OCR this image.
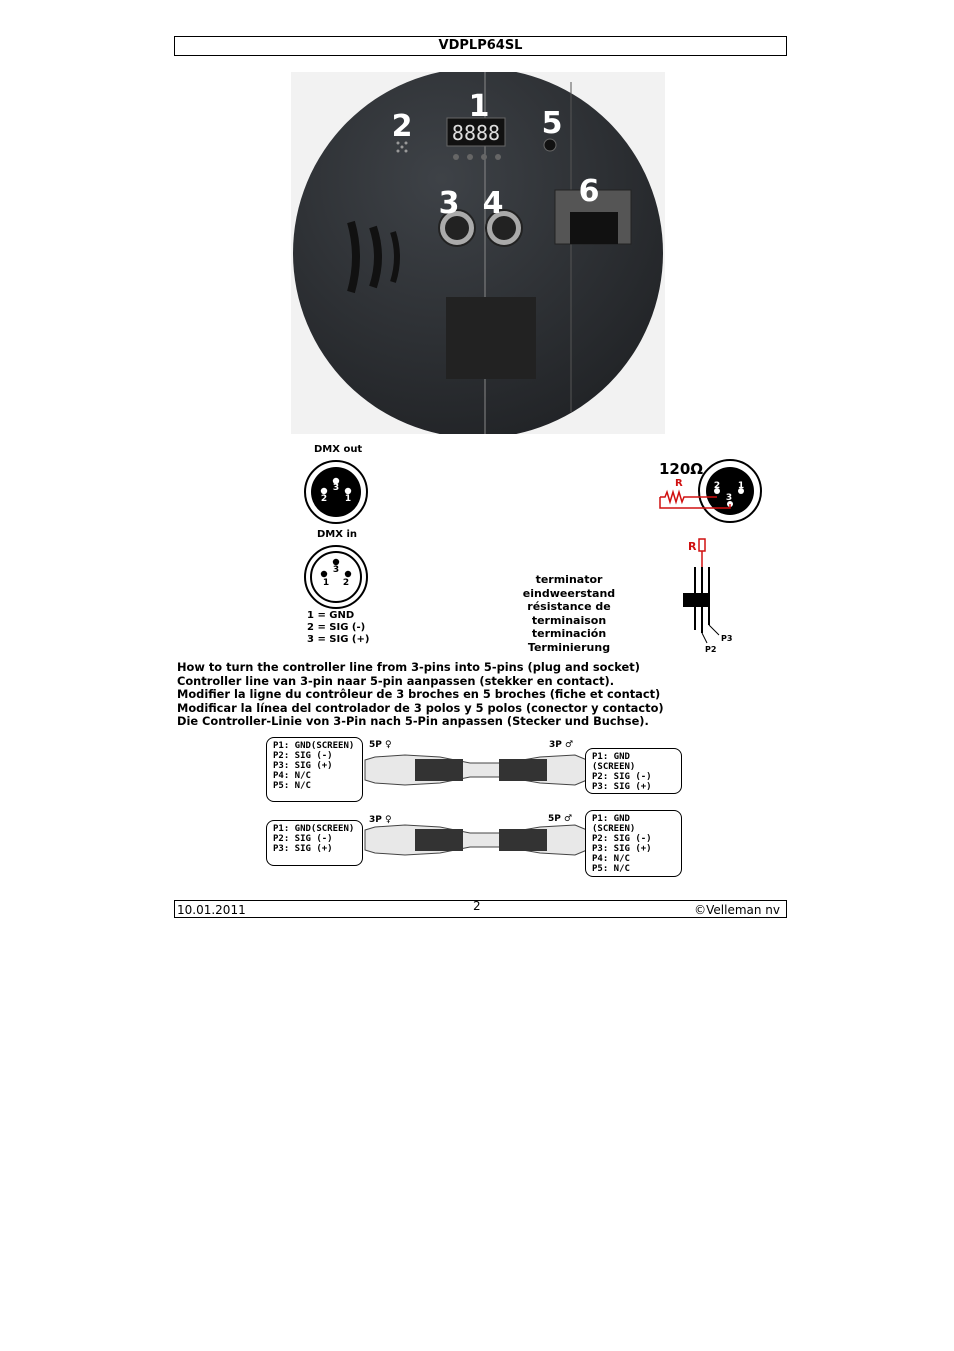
VDPLP64SL
8888
1
2
3 4
5
6
DMX out
3
2 1
DMX in
3
1 2
1 = GND
2 = SIG (-)
3 = SIG (+)
terminator
eindweerstand
résistance de
terminaison
terminación
Terminierung
120Ω
2 1
3
R
R
P3
P2
How to turn the controller line from 3-pins into 5-pins (plug and socket)
Controller line van 3-pin naar 5-pin aanpassen (stekker en contact).
Modifier la ligne du contrôleur de 3 broches en 5 broches (fiche et contact)
Modificar la línea del controlador de 3 polos y 5 polos (conector y contacto)
Die Controller-Linie von 3-Pin nach 5-Pin anpassen (Stecker und Buchse).
5P ♀	3P ♂
3P ♀	5P ♂
P1: GND(SCREEN)
P2: SIG (-)
P3: SIG (+)
P4: N/C
P5: N/C
P1: GND (SCREEN)
P2: SIG (-)
P3: SIG (+)
P1: GND(SCREEN)
P2: SIG (-)
P3: SIG (+)
P1: GND (SCREEN)
P2: SIG (-)
P3: SIG (+)
P4: N/C
P5: N/C
10.01.2011	2	©Velleman nv
